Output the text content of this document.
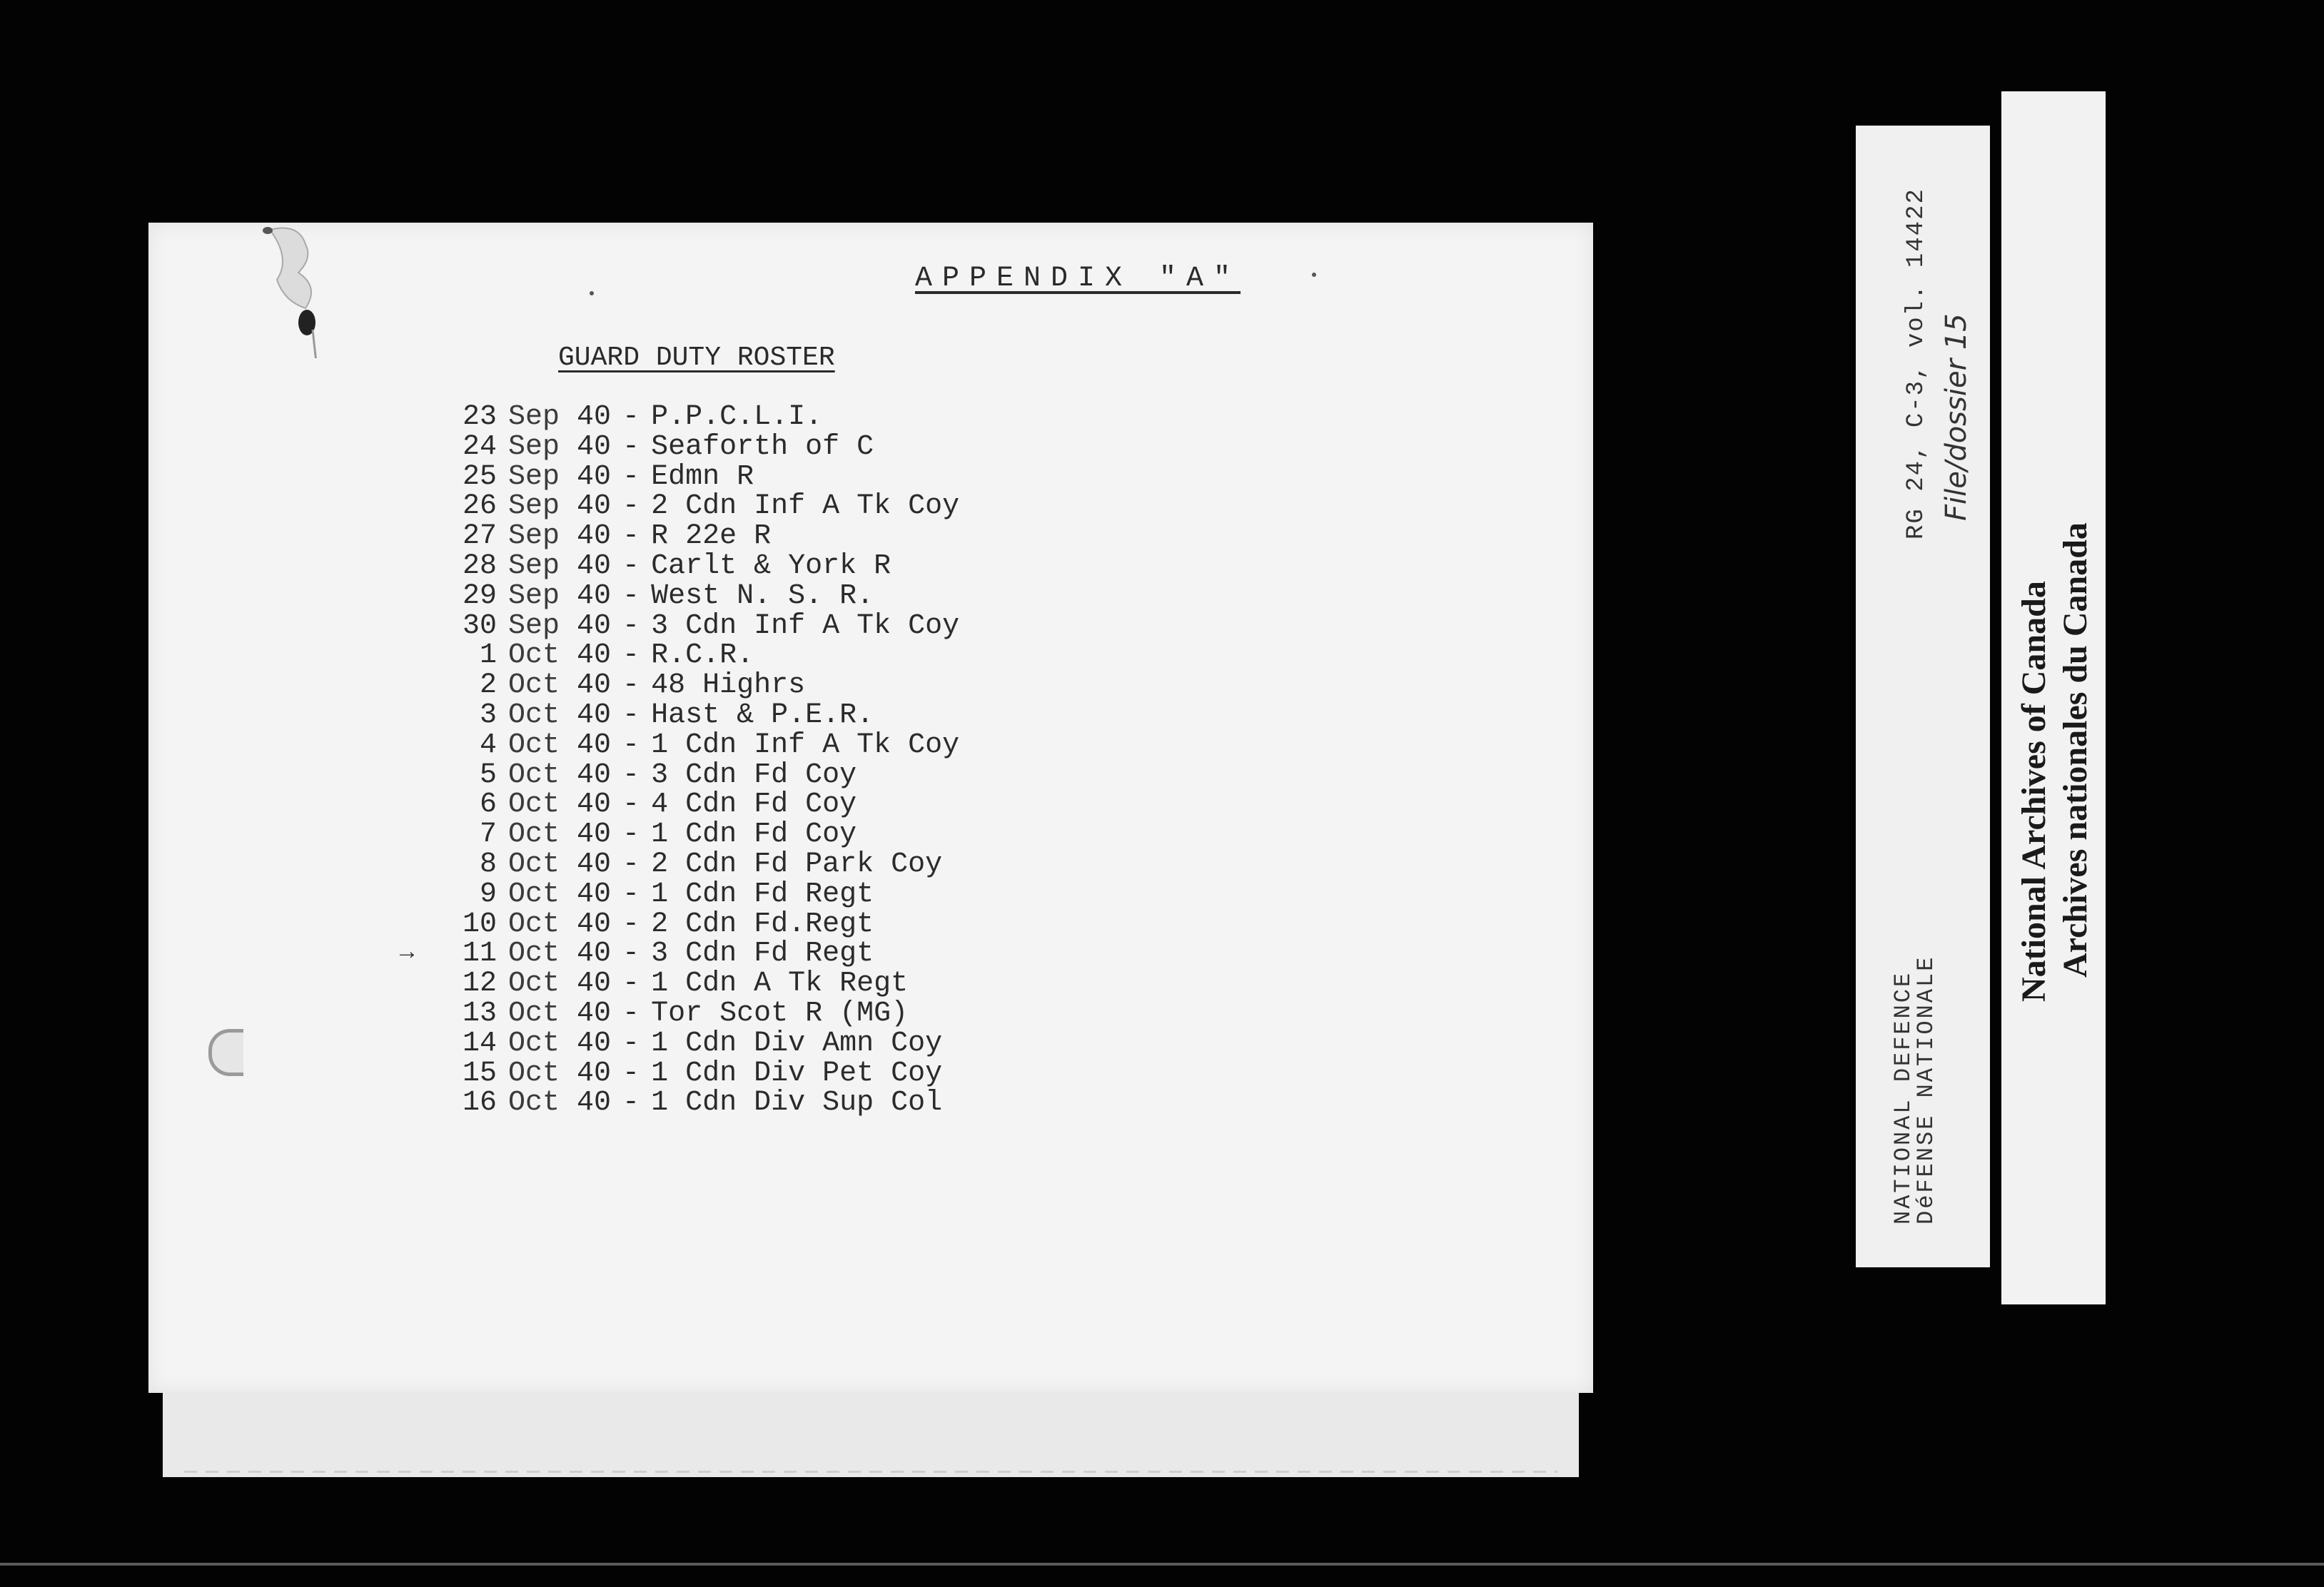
APPENDIX "A"
GUARD DUTY ROSTER
23 Sep 40 - P.P.C.L.I.
24 Sep 40 - Seaforth of C
25 Sep 40 - Edmn R
26 Sep 40 - 2 Cdn Inf A Tk Coy
27 Sep 40 - R 22e R
28 Sep 40 - Carlt & York R
29 Sep 40 - West N. S. R.
30 Sep 40 - 3 Cdn Inf A Tk Coy
1 Oct 40 - R.C.R.
2 Oct 40 - 48 Highrs
3 Oct 40 - Hast & P.E.R.
4 Oct 40 - 1 Cdn Inf A Tk Coy
5 Oct 40 - 3 Cdn Fd Coy
6 Oct 40 - 4 Cdn Fd Coy
7 Oct 40 - 1 Cdn Fd Coy
8 Oct 40 - 2 Cdn Fd Park Coy
9 Oct 40 - 1 Cdn Fd Regt
10 Oct 40 - 2 Cdn Fd.Regt
→ 11 Oct 40 - 3 Cdn Fd Regt
12 Oct 40 - 1 Cdn A Tk Regt
13 Oct 40 - Tor Scot R (MG)
14 Oct 40 - 1 Cdn Div Amn Coy
15 Oct 40 - 1 Cdn Div Pet Coy
16 Oct 40 - 1 Cdn Div Sup Col
RG 24, C-3, vol. 14422 File/dossier 15
NATIONAL DEFENCE
DéFENSE NATIONALE
National Archives of Canada Archives nationales du Canada
